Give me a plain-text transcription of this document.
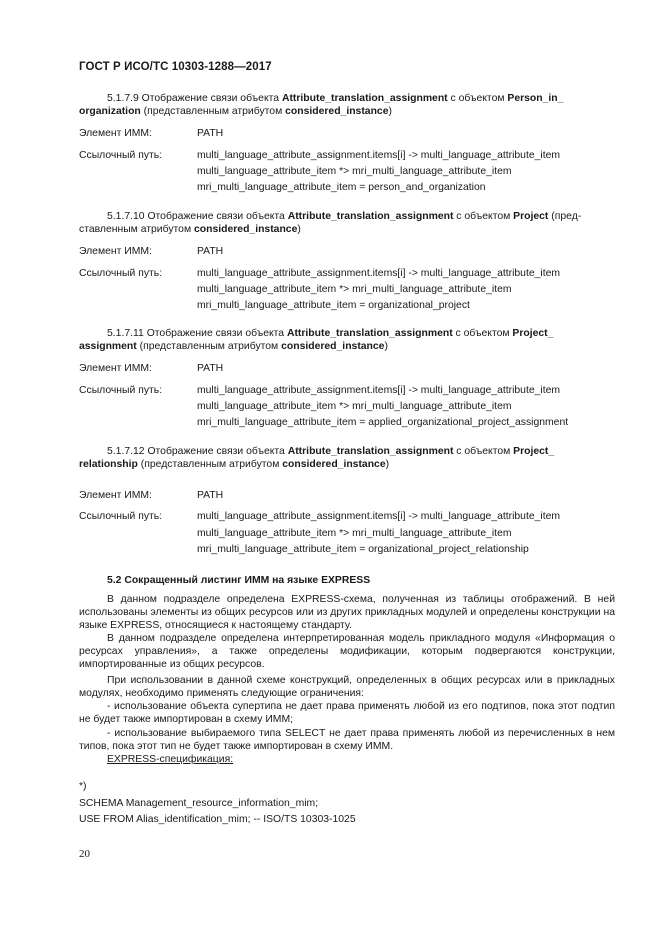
ГОСТ Р ИСО/ТС 10303-1288—2017
5.1.7.9 Отображение связи объекта Attribute_translation_assignment с объектом Person_in_
organization (представленным атрибутом considered_instance)
Элемент ИММ:	PATH
Ссылочный путь:	multi_language_attribute_assignment.items[i] -> multi_language_attribute_item
multi_language_attribute_item *> mri_multi_language_attribute_item
mri_multi_language_attribute_item = person_and_organization
5.1.7.10 Отображение связи объекта Attribute_translation_assignment с объектом Project (пред-
ставленным атрибутом considered_instance)
Элемент ИММ:	PATH
Ссылочный путь:	multi_language_attribute_assignment.items[i] -> multi_language_attribute_item
multi_language_attribute_item *> mri_multi_language_attribute_item
mri_multi_language_attribute_item = organizational_project
5.1.7.11 Отображение связи объекта Attribute_translation_assignment с объектом Project_
assignment (представленным атрибутом considered_instance)
Элемент ИММ:	PATH
Ссылочный путь:	multi_language_attribute_assignment.items[i] -> multi_language_attribute_item
multi_language_attribute_item *> mri_multi_language_attribute_item
mri_multi_language_attribute_item = applied_organizational_project_assignment
5.1.7.12 Отображение связи объекта Attribute_translation_assignment с объектом Project_
relationship (представленным атрибутом considered_instance)
Элемент ИММ:	PATH
Ссылочный путь:	multi_language_attribute_assignment.items[i] -> multi_language_attribute_item
multi_language_attribute_item *> mri_multi_language_attribute_item
mri_multi_language_attribute_item = organizational_project_relationship
5.2 Сокращенный листинг ИММ на языке EXPRESS
В данном подразделе определена EXPRESS-схема, полученная из таблицы отображений. В ней использованы элементы из общих ресурсов или из других прикладных модулей и определены конструкции на языке EXPRESS, относящиеся к настоящему стандарту.
В данном подразделе определена интерпретированная модель прикладного модуля «Информация о ресурсах управления», а также определены модификации, которым подвергаются конструкции, импортированные из общих ресурсов.
При использовании в данной схеме конструкций, определенных в общих ресурсах или в прикладных модулях, необходимо применять следующие ограничения:
- использование объекта супертипа не дает права применять любой из его подтипов, пока этот подтип не будет также импортирован в схему ИММ;
- использование выбираемого типа SELECT не дает права применять любой из перечисленных в нем типов, пока этот тип не будет также импортирован в схему ИММ.
EXPRESS-спецификация:
*)
SCHEMA Management_resource_information_mim;
USE FROM Alias_identification_mim; -- ISO/TS 10303-1025
20
